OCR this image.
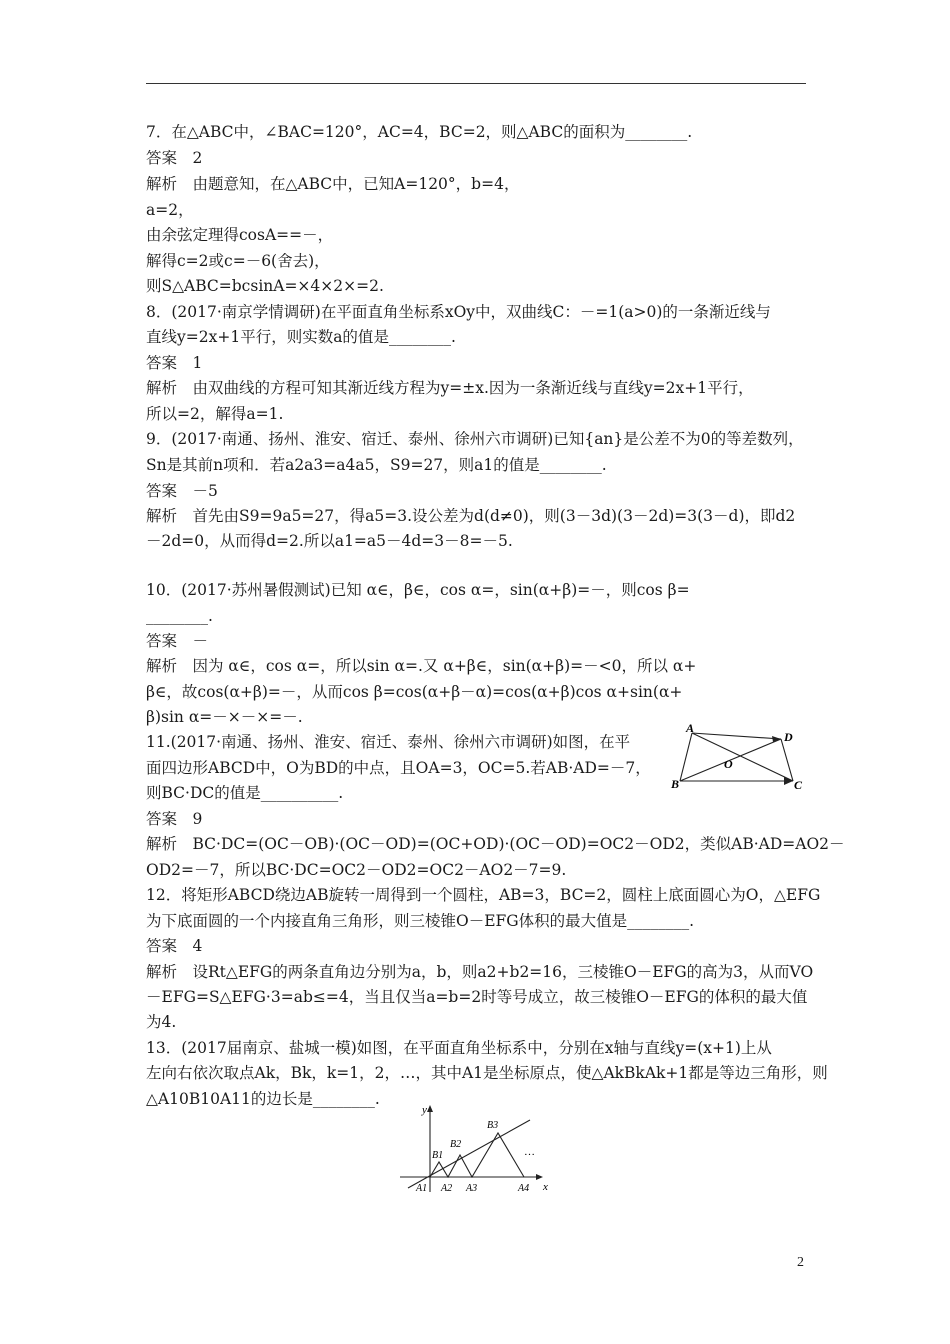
7．在△ABC中，∠BAC=120°，AC=4，BC=2，则△ABC的面积为________.
答案　2
解析　由题意知，在△ABC中，已知A=120°，b=4，
a=2，
由余弦定理得cosA==－，
解得c=2或c=－6(舍去)，
则S△ABC=bcsinA=×4×2×=2.
8．(2017·南京学情调研)在平面直角坐标系xOy中，双曲线C：－=1(a>0)的一条渐近线与
直线y=2x+1平行，则实数a的值是________.
答案　1
解析　由双曲线的方程可知其渐近线方程为y=±x.因为一条渐近线与直线y=2x+1平行，
所以=2，解得a=1.
9．(2017·南通、扬州、淮安、宿迁、泰州、徐州六市调研)已知{an}是公差不为0的等差数列，
Sn是其前n项和．若a2a3=a4a5，S9=27，则a1的值是________.
答案　－5
解析　首先由S9=9a5=27，得a5=3.设公差为d(d≠0)，则(3－3d)(3－2d)=3(3－d)，即d2
－2d=0，从而得d=2.所以a1=a5－4d=3－8=－5.
10．(2017·苏州暑假测试)已知 α∈，β∈，cos α=，sin(α+β)=－，则cos β=
________.
答案　－
解析　因为 α∈，cos α=，所以sin α=.又 α+β∈，sin(α+β)=－<0，所以 α+
β∈，故cos(α+β)=－，从而cos β=cos(α+β－α)=cos(α+β)cos α+sin(α+
β)sin α=－×－×=－.
11.(2017·南通、扬州、淮安、宿迁、泰州、徐州六市调研)如图，在平
面四边形ABCD中，O为BD的中点，且OA=3，OC=5.若AB·AD=－7，
则BC·DC的值是__________.
答案　9
解析　BC·DC=(OC－OB)·(OC－OD)=(OC+OD)·(OC－OD)=OC2－OD2，类似AB·AD=AO2－
OD2=－7，所以BC·DC=OC2－OD2=OC2－AO2－7=9.
12．将矩形ABCD绕边AB旋转一周得到一个圆柱，AB=3，BC=2，圆柱上底面圆心为O，△EFG
为下底面圆的一个内接直角三角形，则三棱锥O－EFG体积的最大值是________.
答案　4
解析　设Rt△EFG的两条直角边分别为a，b，则a2+b2=16，三棱锥O－EFG的高为3，从而VO
－EFG=S△EFG·3=ab≤=4，当且仅当a=b=2时等号成立，故三棱锥O－EFG的体积的最大值
为4.
13．(2017届南京、盐城一模)如图，在平面直角坐标系中，分别在x轴与直线y=(x+1)上从
左向右依次取点Ak，Bk，k=1，2，…，其中A1是坐标原点，使△AkBkAk+1都是等边三角形，则
△A10B10A11的边长是________.
A
D
B	C
O
y
x
…
A1 A2 A3	A4
B1
B2
B3
2
